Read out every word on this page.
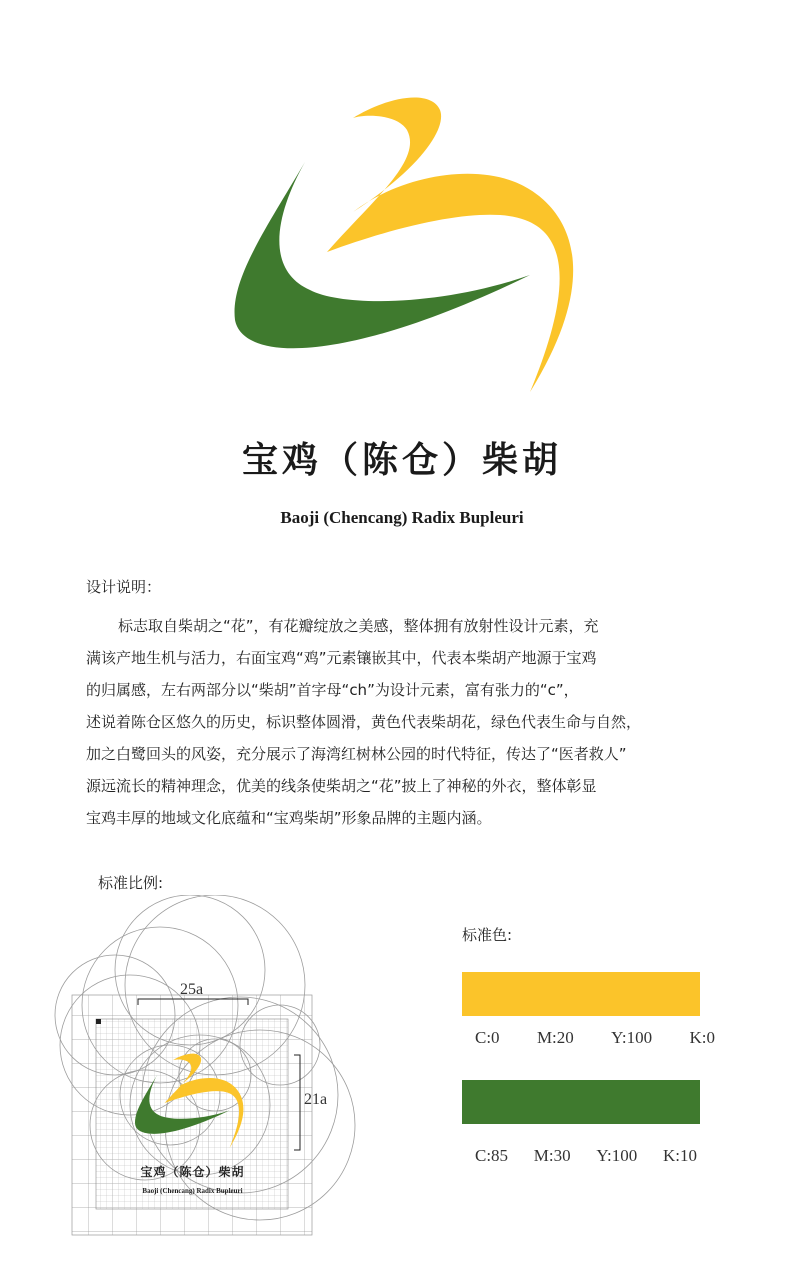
宝鸡（陈仓）柴胡
Baoji (Chencang) Radix Bupleuri
设计说明：

标志取自柴胡之“花”，有花瓣绽放之美感，整体拥有放射性设计元素，充

满该产地生机与活力，右面宝鸡“鸡”元素镶嵌其中，代表本柴胡产地源于宝鸡

的归属感，左右两部分以“柴胡”首字母“ch”为设计元素，富有张力的“c”，

述说着陈仓区悠久的历史，标识整体圆滑，黄色代表柴胡花，绿色代表生命与自然，

加之白鹭回头的风姿，充分展示了海湾红树林公园的时代特征，传达了“医者救人”

源远流长的精神理念，优美的线条使柴胡之“花”披上了神秘的外衣，整体彰显

宝鸡丰厚的地域文化底蕴和“宝鸡柴胡”形象品牌的主题内涵。

标准比例:
25a
21a
宝鸡（陈仓）柴胡
Baoji (Chencang) Radix Bupleuri
标准色:
C:0 M:20 Y:100 K:0
C:85 M:30 Y:100 K:10
